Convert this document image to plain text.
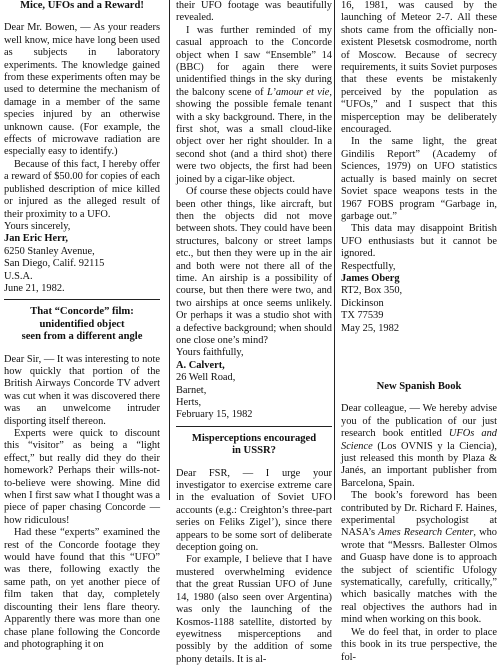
Mice, UFOs and a Reward!

Dear Mr. Bowen, — As your readers well know, mice have long been used as subjects in laboratory experiments. The knowledge gained from these experiments often may be used to determine the mechanism of damage in a member of the same species injured by an otherwise unknown cause. (For example, the effects of microwave radiation are especially easy to identify.)

Because of this fact, I hereby offer a reward of $50.00 for copies of each published description of mice killed or injured as the alleged result of their proximity to a UFO.

Yours sincerely,
Jan Eric Herr,
6250 Stanley Avenue,
San Diego, Calif. 92115
U.S.A.
June 21, 1982.
That “Concorde” film: unidentified object
seen from a different angle

Dear Sir, — It was interesting to note how quickly that portion of the British Airways Concorde TV advert was cut when it was discovered there was an unwelcome intruder disporting itself thereon.

Experts were quick to discount this “visitor” as being a “light effect,” but really did they do their homework? Perhaps their wills-not-to-believe were showing. Mine did when I first saw what I thought was a piece of paper chasing Concorde — how ridiculous!

Had these “experts” examined the rest of the Concorde footage they would have found that this “UFO” was there, following exactly the same path, on yet another piece of film taken that day, completely discounting their lens flare theory. Apparently there was more than one chase plane following the Concorde and photographing it on

their UFO footage was beautifully revealed.

I was further reminded of my casual approach to the Concorde object when I saw “Ensemble” 14 (BBC) for again there were unidentified things in the sky during the balcony scene of L’amour et vie, showing the possible female tenant with a sky background. There, in the first shot, was a small cloud-like object over her right shoulder. In a second shot (and a third shot) there were two objects, the first had been joined by a cigar-like object.

Of course these objects could have been other things, like aircraft, but then the objects did not move between shots. They could have been structures, balcony or street lamps etc., but then they were up in the air and both were not there all of the time. An airship is a possibility of course, but then there were two, and two airships at once seems unlikely. Or perhaps it was a studio shot with a defective background; when should one close one’s mind?

Yours faithfully,
A. Calvert,
26 Well Road,
Barnet,
Herts,
February 15, 1982
Misperceptions encouraged
in USSR?

Dear FSR, — I urge your investigator to exercise extreme care in the evaluation of Soviet UFO accounts (e.g.: Creighton’s three-part series on Feliks Zigel’), since there appears to be some sort of deliberate deception going on.

For example, I believe that I have mustered overwhelming evidence that the great Russian UFO of June 14, 1980 (also seen over Argentina) was only the launching of the Kosmos-1188 satellite, distorted by eyewitness misperceptions and possibly by the addition of some phony details. It is al-

16, 1981, was caused by the launching of Meteor 2-7. All these shots came from the officially non-existent Plesetsk cosmodrome, north of Moscow. Because of secrecy requirements, it suits Soviet purposes that these events be mistakenly perceived by the population as “UFOs,” and I suspect that this misperception may be deliberately encouraged.

In the same light, the great Gindilis Report” (Academy of Sciences, 1979) on UFO statistics actually is based mainly on secret Soviet space weapons tests in the 1967 FOBS program “Garbage in, garbage out.”

This data may disappoint British UFO enthusiasts but it cannot be ignored.

Respectfully,
James Oberg
RT2, Box 350,
Dickinson
TX 77539
May 25, 1982
New Spanish Book

Dear colleague, — We hereby advise you of the publication of our just research book entitled UFOs and Science (Los OVNIS y la Ciencia), just released this month by Plaza & Janés, an important publisher from Barcelona, Spain.

The book’s foreword has been contributed by Dr. Richard F. Haines, experimental psychologist at NASA’s Ames Research Center, who wrote that “Messrs. Ballester Olmos and Guasp have done is to approach the subject of scientific Ufology systematically, carefully, critically,” which basically matches with the real objectives the authors had in mind when working on this book.

We do feel that, in order to place this book in its true perspective, the fol-
